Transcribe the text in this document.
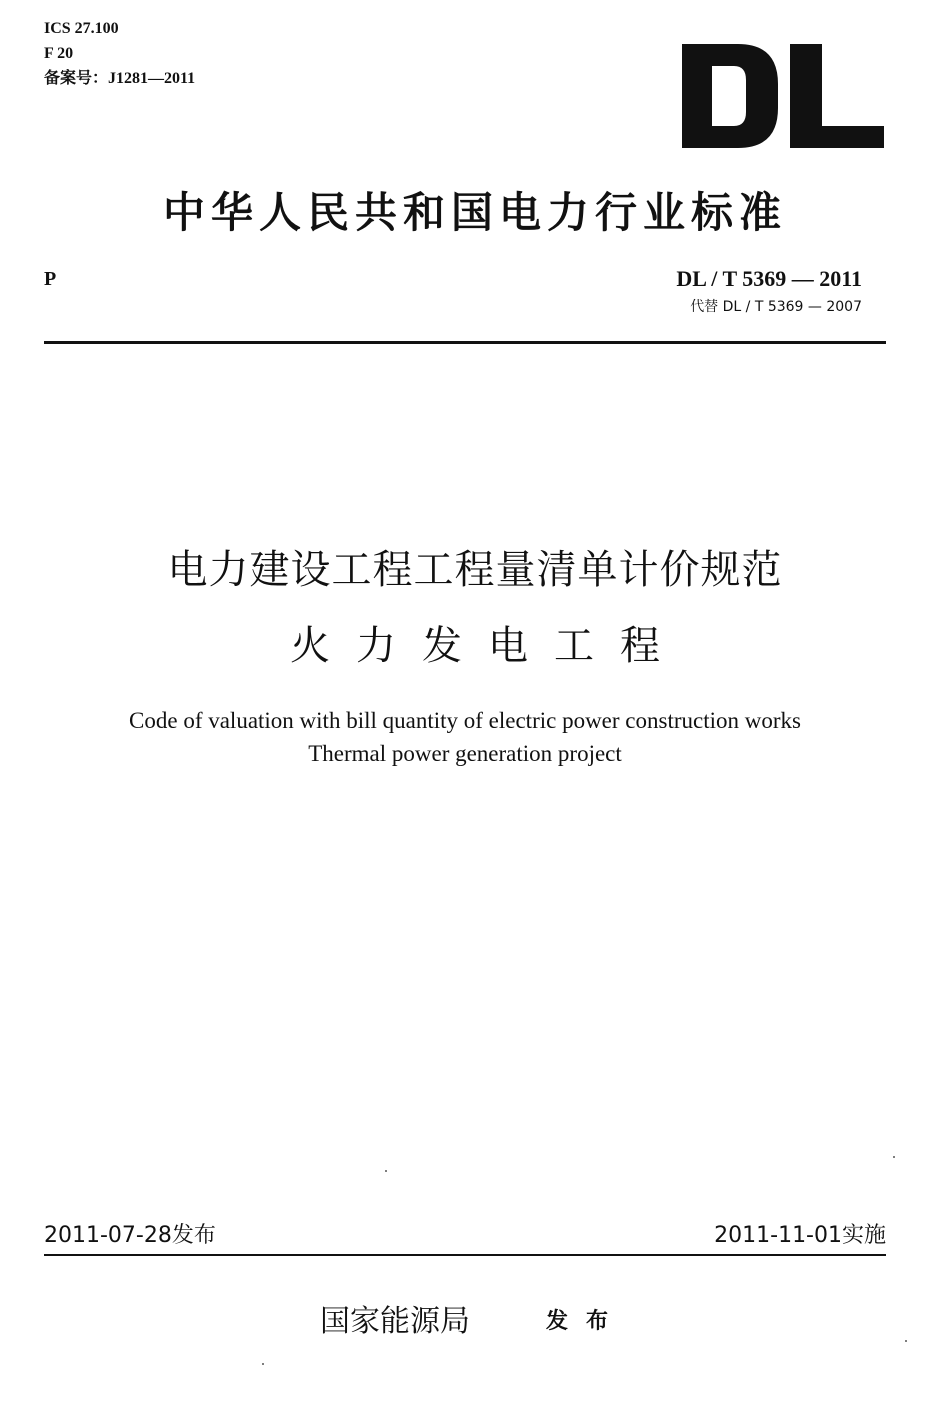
ICS 27.100
F 20
备案号：J1281—2011
中华人民共和国电力行业标准
P	DL / T 5369 — 2011
代替 DL / T 5369 — 2007
电力建设工程工程量清单计价规范
火力发电工程
Code of valuation with bill quantity of electric power construction works
Thermal power generation project
2011-07-28发布	2011-11-01实施
国家能源局	发布
